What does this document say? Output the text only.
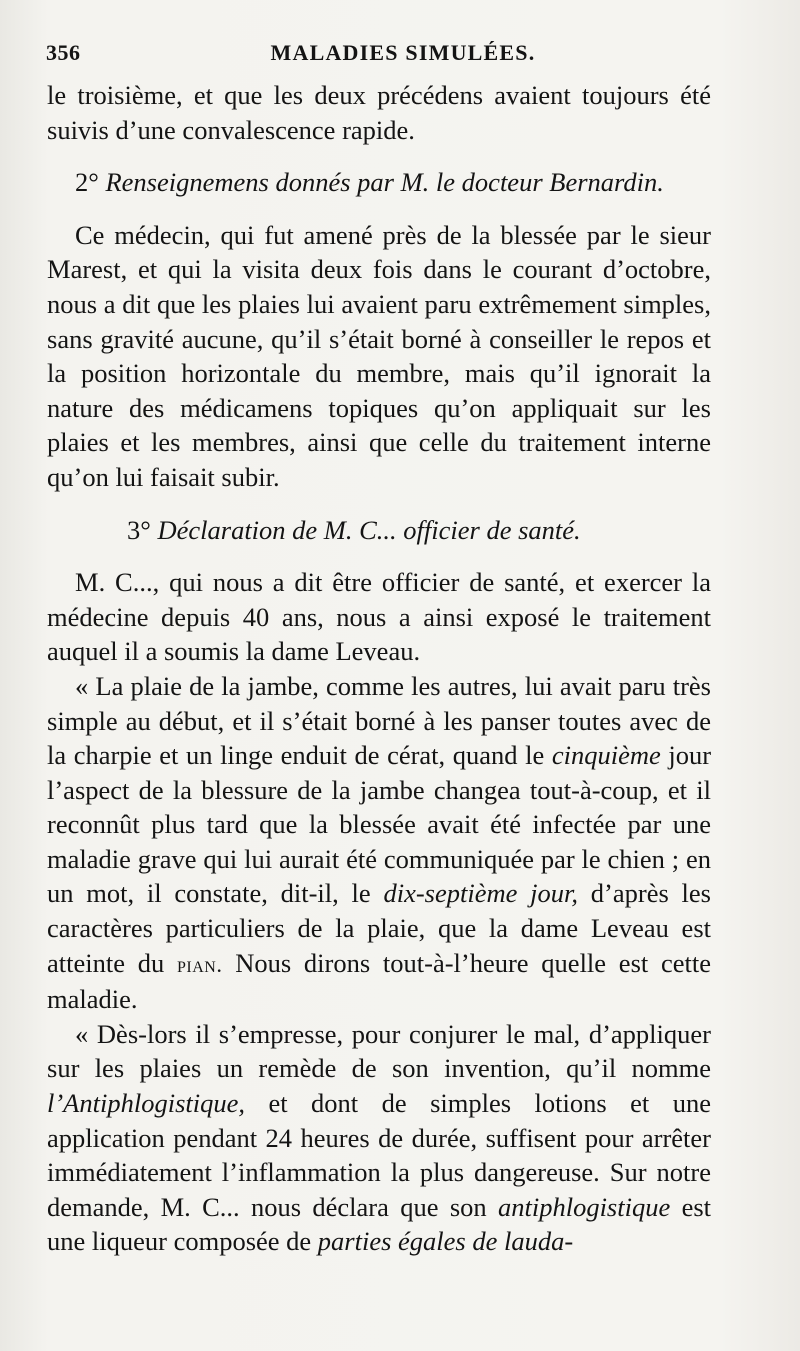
356	MALADIES SIMULÉES.

le troisième, et que les deux précédens avaient toujours été suivis d’une convalescence rapide.

2° Renseignemens donnés par M. le docteur Bernardin.

Ce médecin, qui fut amené près de la blessée par le sieur Marest, et qui la visita deux fois dans le courant d’octobre, nous a dit que les plaies lui avaient paru extrêmement simples, sans gravité aucune, qu’il s’était borné à conseiller le repos et la position horizontale du membre, mais qu’il ignorait la nature des médicamens topiques qu’on appliquait sur les plaies et les membres, ainsi que celle du traitement interne qu’on lui faisait subir.

3° Déclaration de M. C... officier de santé.

M. C..., qui nous a dit être officier de santé, et exercer la médecine depuis 40 ans, nous a ainsi exposé le traitement auquel il a soumis la dame Leveau.

« La plaie de la jambe, comme les autres, lui avait paru très simple au début, et il s’était borné à les panser toutes avec de la charpie et un linge enduit de cérat, quand le cinquième jour l’aspect de la blessure de la jambe changea tout-à-coup, et il reconnût plus tard que la blessée avait été infectée par une maladie grave qui lui aurait été communiquée par le chien ; en un mot, il constate, dit-il, le dix-septième jour, d’après les caractères particuliers de la plaie, que la dame Leveau est atteinte du pian. Nous dirons tout-à-l’heure quelle est cette maladie.

« Dès-lors il s’empresse, pour conjurer le mal, d’appliquer sur les plaies un remède de son invention, qu’il nomme l’Antiphlogistique, et dont de simples lotions et une application pendant 24 heures de durée, suffisent pour arrêter immédiatement l’inflammation la plus dangereuse. Sur notre demande, M. C... nous déclara que son antiphlogistique est une liqueur composée de parties égales de lauda-
